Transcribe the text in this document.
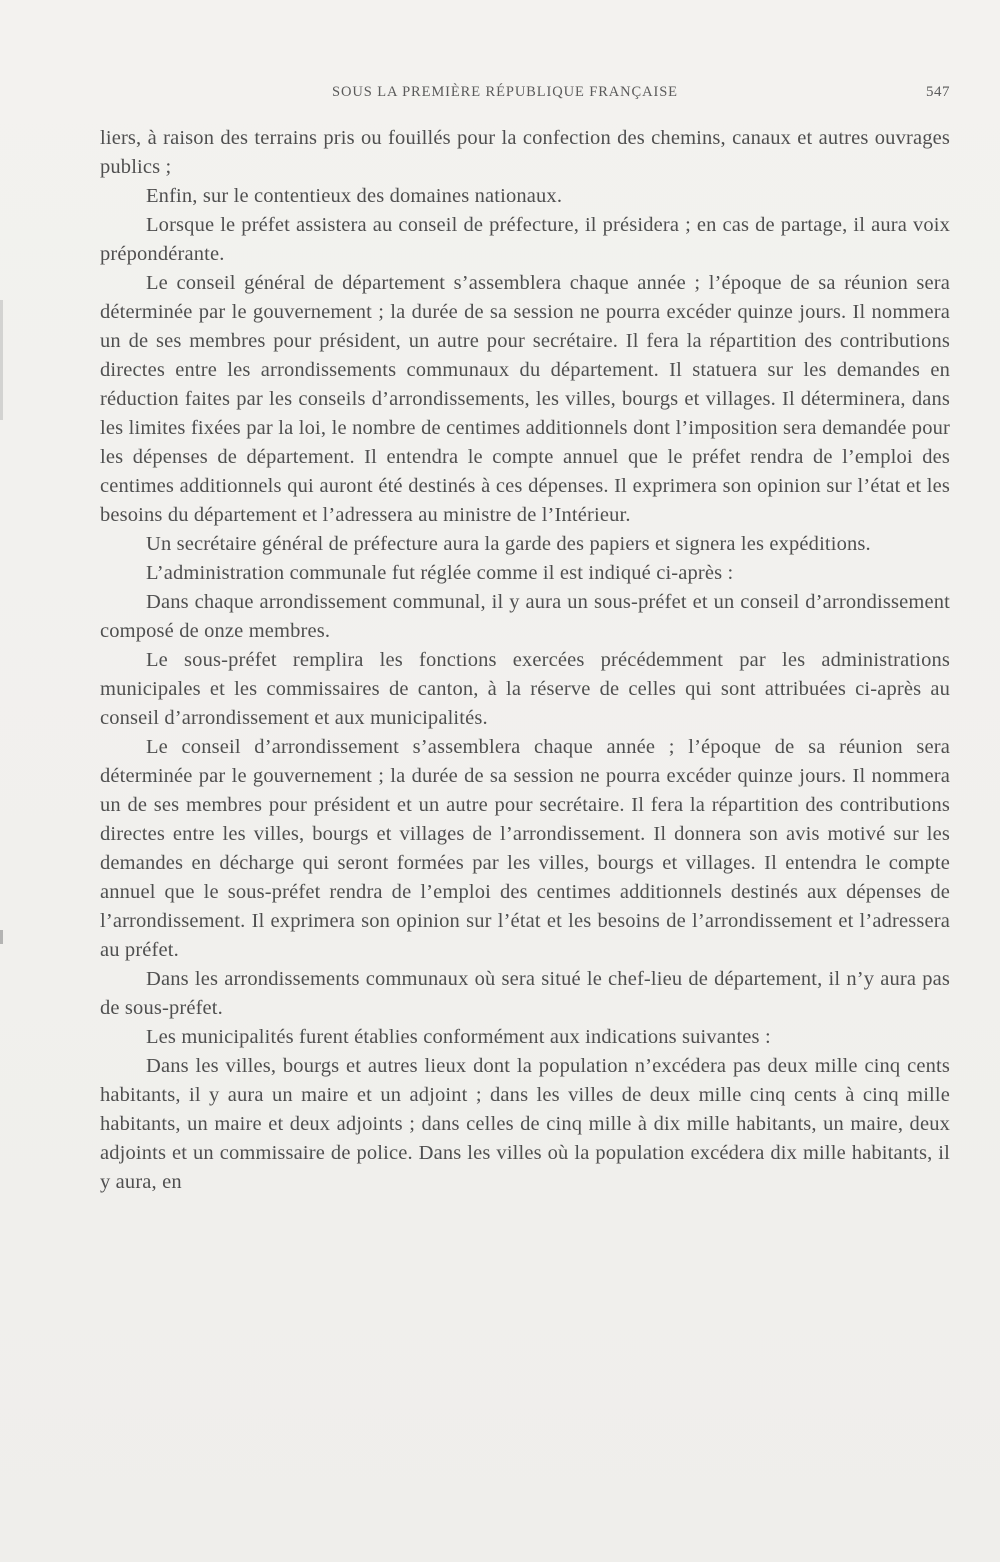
SOUS LA PREMIÈRE RÉPUBLIQUE FRANÇAISE	547

liers, à raison des terrains pris ou fouillés pour la confection des chemins, canaux et autres ouvrages publics ;

Enfin, sur le contentieux des domaines nationaux.

Lorsque le préfet assistera au conseil de préfecture, il présidera ; en cas de partage, il aura voix prépondérante.

Le conseil général de département s’assemblera chaque année ; l’époque de sa réunion sera déterminée par le gouvernement ; la durée de sa session ne pourra excéder quinze jours. Il nommera un de ses membres pour président, un autre pour secrétaire. Il fera la répartition des contributions directes entre les arrondissements communaux du département. Il statuera sur les demandes en réduction faites par les conseils d’arrondissements, les villes, bourgs et villages. Il déterminera, dans les limites fixées par la loi, le nombre de centimes additionnels dont l’imposition sera demandée pour les dépenses de département. Il entendra le compte annuel que le préfet rendra de l’emploi des centimes additionnels qui auront été destinés à ces dépenses. Il exprimera son opinion sur l’état et les besoins du département et l’adressera au ministre de l’Intérieur.

Un secrétaire général de préfecture aura la garde des papiers et signera les expéditions.

L’administration communale fut réglée comme il est indiqué ci-après :

Dans chaque arrondissement communal, il y aura un sous-préfet et un conseil d’arrondissement composé de onze membres.

Le sous-préfet remplira les fonctions exercées précédemment par les administrations municipales et les commissaires de canton, à la réserve de celles qui sont attribuées ci-après au conseil d’arrondissement et aux municipalités.

Le conseil d’arrondissement s’assemblera chaque année ; l’époque de sa réunion sera déterminée par le gouvernement ; la durée de sa session ne pourra excéder quinze jours. Il nommera un de ses membres pour président et un autre pour secrétaire. Il fera la répartition des contributions directes entre les villes, bourgs et villages de l’arrondissement. Il donnera son avis motivé sur les demandes en décharge qui seront formées par les villes, bourgs et villages. Il entendra le compte annuel que le sous-préfet rendra de l’emploi des centimes additionnels destinés aux dépenses de l’arrondissement. Il exprimera son opinion sur l’état et les besoins de l’arrondissement et l’adressera au préfet.

Dans les arrondissements communaux où sera situé le chef-lieu de département, il n’y aura pas de sous-préfet.

Les municipalités furent établies conformément aux indications suivantes :

Dans les villes, bourgs et autres lieux dont la population n’excédera pas deux mille cinq cents habitants, il y aura un maire et un adjoint ; dans les villes de deux mille cinq cents à cinq mille habitants, un maire et deux adjoints ; dans celles de cinq mille à dix mille habitants, un maire, deux adjoints et un commissaire de police. Dans les villes où la population excédera dix mille habitants, il y aura, en
